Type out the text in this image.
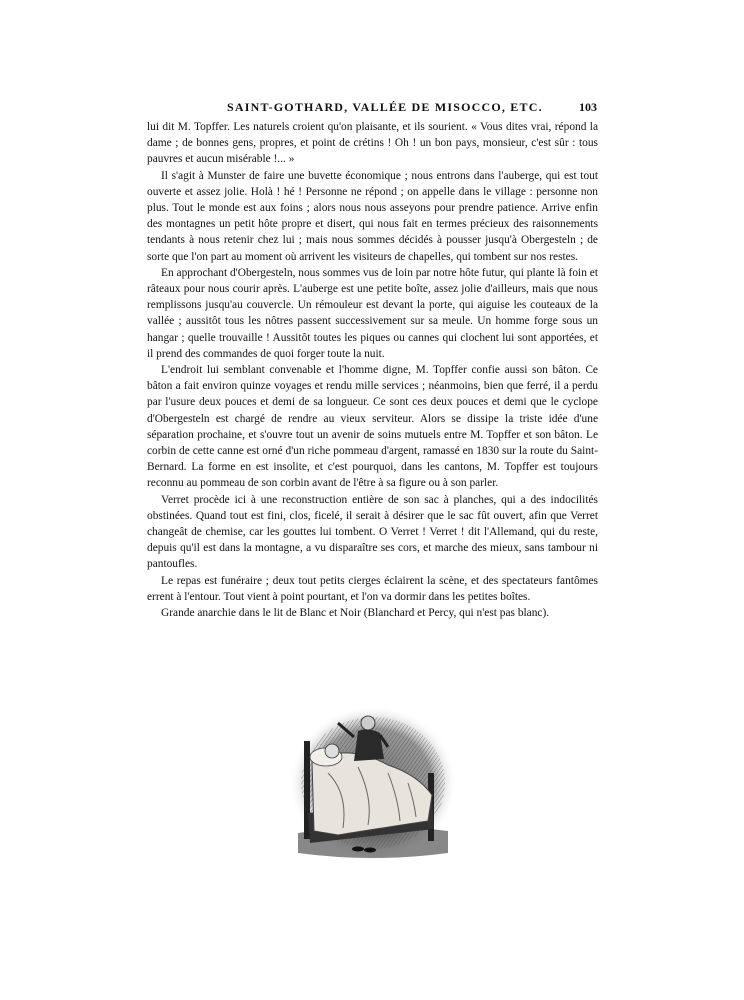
SAINT-GOTHARD, VALLÉE DE MISOCCO, ETC.	103

lui dit M. Topffer. Les naturels croient qu'on plaisante, et ils sourient. « Vous dites vrai, répond la dame ; de bonnes gens, propres, et point de crétins ! Oh ! un bon pays, monsieur, c'est sûr : tous pauvres et aucun misérable !... »

Il s'agit à Munster de faire une buvette économique ; nous entrons dans l'auberge, qui est tout ouverte et assez jolie. Holà ! hé ! Personne ne répond ; on appelle dans le village : personne non plus. Tout le monde est aux foins ; alors nous nous asseyons pour prendre patience. Arrive enfin des montagnes un petit hôte propre et disert, qui nous fait en termes précieux des raisonnements tendants à nous retenir chez lui ; mais nous sommes décidés à pousser jusqu'à Obergesteln ; de sorte que l'on part au moment où arrivent les visiteurs de chapelles, qui tombent sur nos restes.

En approchant d'Obergesteln, nous sommes vus de loin par notre hôte futur, qui plante là foin et râteaux pour nous courir après. L'auberge est une petite boîte, assez jolie d'ailleurs, mais que nous remplissons jusqu'au couvercle. Un rémouleur est devant la porte, qui aiguise les couteaux de la vallée ; aussitôt tous les nôtres passent successivement sur sa meule. Un homme forge sous un hangar ; quelle trouvaille ! Aussitôt toutes les piques ou cannes qui clochent lui sont apportées, et il prend des commandes de quoi forger toute la nuit.

L'endroit lui semblant convenable et l'homme digne, M. Topffer confie aussi son bâton. Ce bâton a fait environ quinze voyages et rendu mille services ; néanmoins, bien que ferré, il a perdu par l'usure deux pouces et demi de sa longueur. Ce sont ces deux pouces et demi que le cyclope d'Obergesteln est chargé de rendre au vieux serviteur. Alors se dissipe la triste idée d'une séparation prochaine, et s'ouvre tout un avenir de soins mutuels entre M. Topffer et son bâton. Le corbin de cette canne est orné d'un riche pommeau d'argent, ramassé en 1830 sur la route du Saint-Bernard. La forme en est insolite, et c'est pourquoi, dans les cantons, M. Topffer est toujours reconnu au pommeau de son corbin avant de l'être à sa figure ou à son parler.

Verret procède ici à une reconstruction entière de son sac à planches, qui a des indocilités obstinées. Quand tout est fini, clos, ficelé, il serait à désirer que le sac fût ouvert, afin que Verret changeât de chemise, car les gouttes lui tombent. O Verret ! Verret ! dit l'Allemand, qui du reste, depuis qu'il est dans la montagne, a vu disparaître ses cors, et marche des mieux, sans tambour ni pantoufles.

Le repas est funéraire ; deux tout petits cierges éclairent la scène, et des spectateurs fantômes errent à l'entour. Tout vient à point pourtant, et l'on va dormir dans les petites boîtes.

Grande anarchie dans le lit de Blanc et Noir (Blanchard et Percy, qui n'est pas blanc).
